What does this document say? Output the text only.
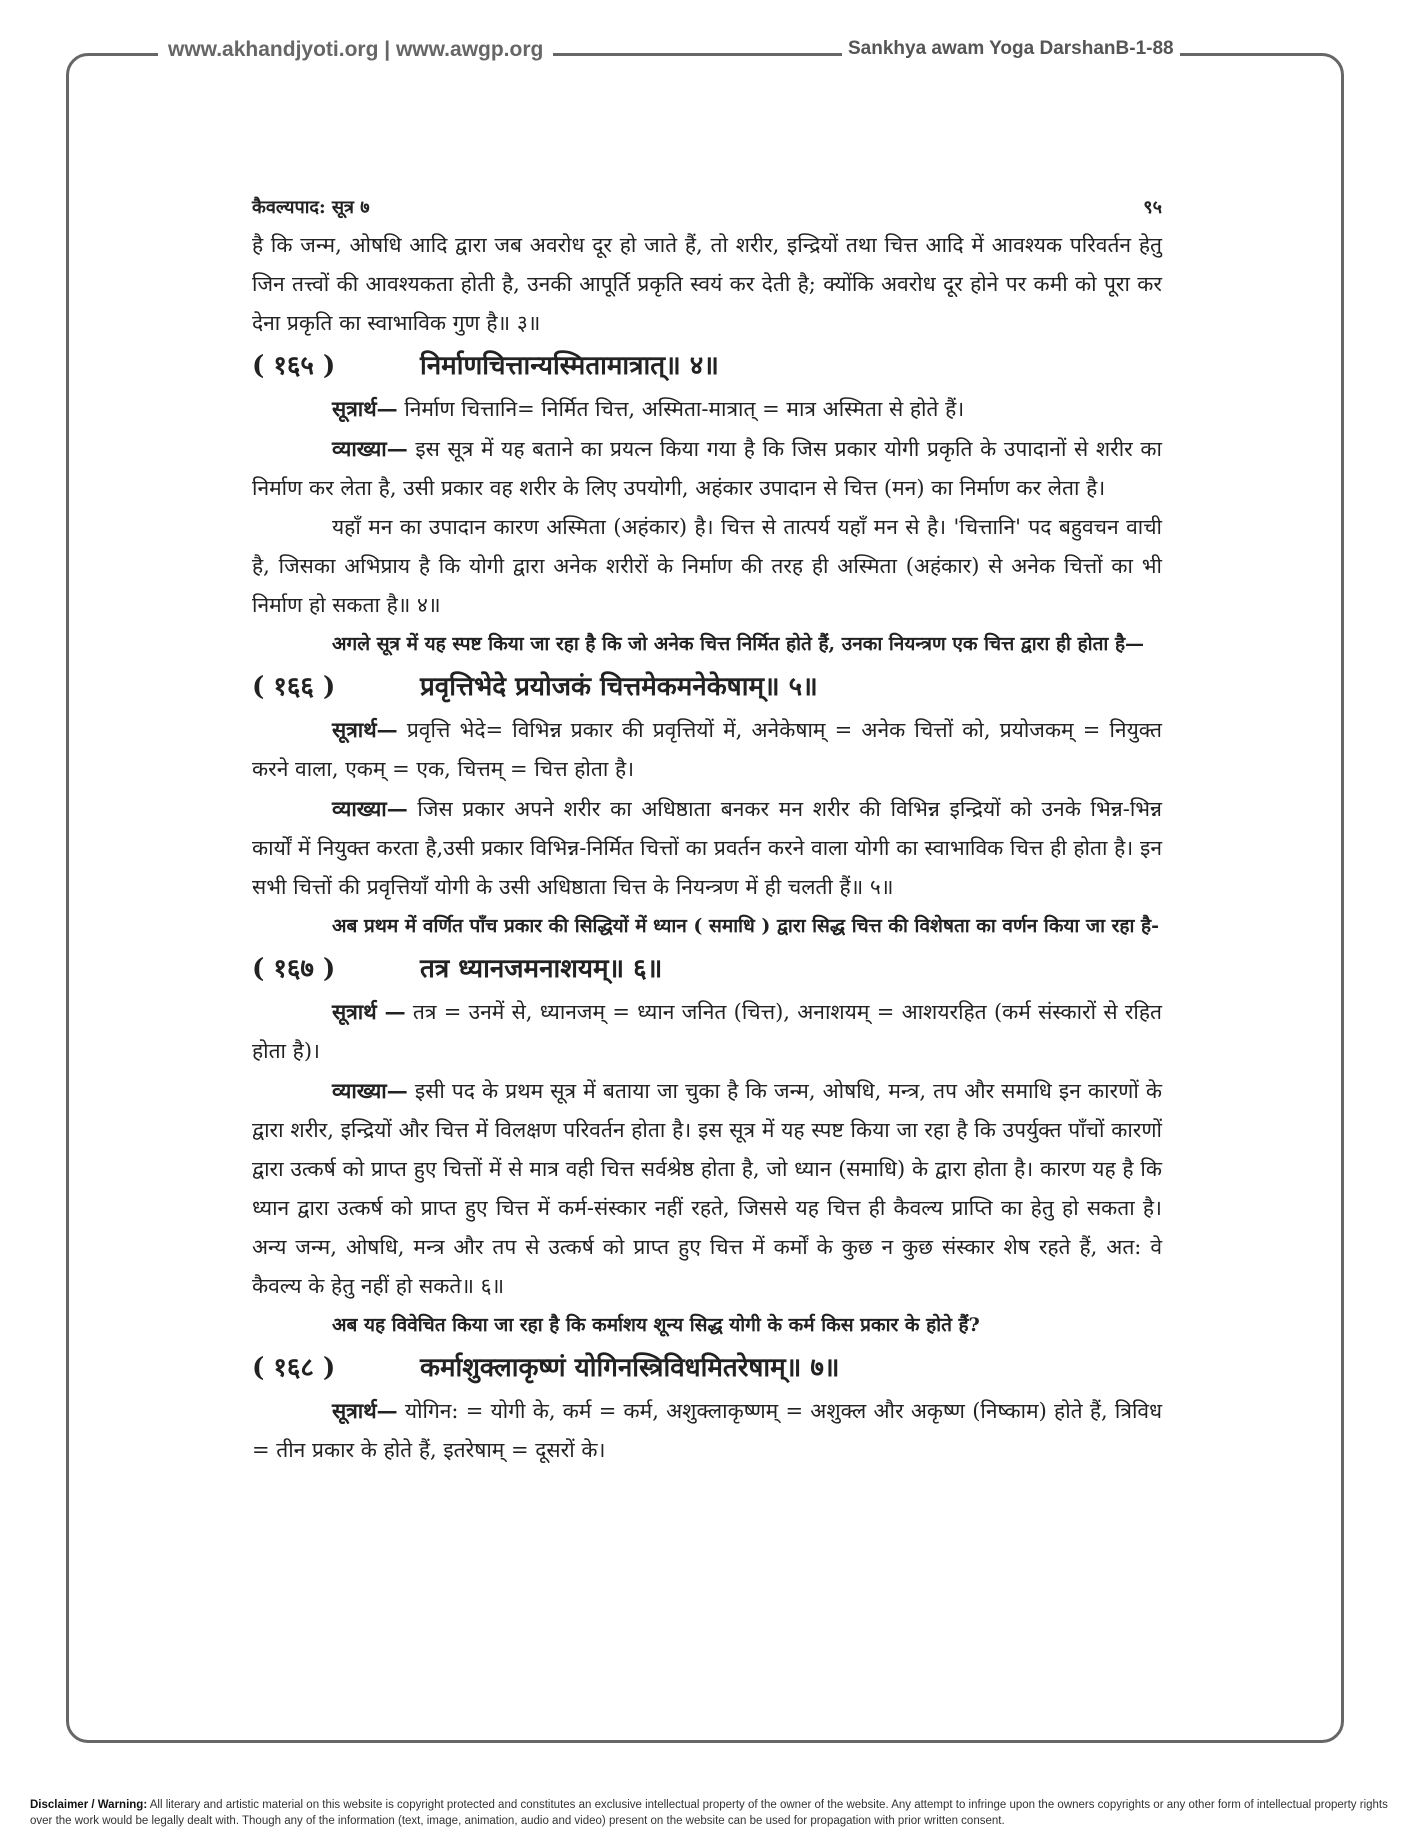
www.akhandjyoti.org | www.awgp.org	Sankhya awam Yoga DarshanB-1-88
कैवल्यपाद: सूत्र ७	९५

है कि जन्म, ओषधि आदि द्वारा जब अवरोध दूर हो जाते हैं, तो शरीर, इन्द्रियों तथा चित्त आदि में आवश्यक परिवर्तन हेतु जिन तत्त्वों की आवश्यकता होती है, उनकी आपूर्ति प्रकृति स्वयं कर देती है; क्योंकि अवरोध दूर होने पर कमी को पूरा कर देना प्रकृति का स्वाभाविक गुण है॥ ३॥

( १६५ )	निर्माणचित्तान्यस्मितामात्रात्॥ ४॥

सूत्रार्थ— निर्माण चित्तानि= निर्मित चित्त, अस्मिता-मात्रात् = मात्र अस्मिता से होते हैं।

व्याख्या— इस सूत्र में यह बताने का प्रयत्न किया गया है कि जिस प्रकार योगी प्रकृति के उपादानों से शरीर का निर्माण कर लेता है, उसी प्रकार वह शरीर के लिए उपयोगी, अहंकार उपादान से चित्त (मन) का निर्माण कर लेता है।

यहाँ मन का उपादान कारण अस्मिता (अहंकार) है। चित्त से तात्पर्य यहाँ मन से है। 'चित्तानि' पद बहुवचन वाची है, जिसका अभिप्राय है कि योगी द्वारा अनेक शरीरों के निर्माण की तरह ही अस्मिता (अहंकार) से अनेक चित्तों का भी निर्माण हो सकता है॥ ४॥

अगले सूत्र में यह स्पष्ट किया जा रहा है कि जो अनेक चित्त निर्मित होते हैं, उनका नियन्त्रण एक चित्त द्वारा ही होता है—

( १६६ )	प्रवृत्तिभेदे प्रयोजकं चित्तमेकमनेकेषाम्॥ ५॥

सूत्रार्थ— प्रवृत्ति भेदे= विभिन्न प्रकार की प्रवृत्तियों में, अनेकेषाम् = अनेक चित्तों को, प्रयोजकम् = नियुक्त करने वाला, एकम् = एक, चित्तम् = चित्त होता है।

व्याख्या— जिस प्रकार अपने शरीर का अधिष्ठाता बनकर मन शरीर की विभिन्न इन्द्रियों को उनके भिन्न-भिन्न कार्यों में नियुक्त करता है,उसी प्रकार विभिन्न-निर्मित चित्तों का प्रवर्तन करने वाला योगी का स्वाभाविक चित्त ही होता है। इन सभी चित्तों की प्रवृत्तियाँ योगी के उसी अधिष्ठाता चित्त के नियन्त्रण में ही चलती हैं॥ ५॥

अब प्रथम में वर्णित पाँच प्रकार की सिद्धियों में ध्यान ( समाधि ) द्वारा सिद्ध चित्त की विशेषता का वर्णन किया जा रहा है-

( १६७ )	तत्र ध्यानजमनाशयम्॥ ६॥

सूत्रार्थ — तत्र = उनमें से, ध्यानजम् = ध्यान जनित (चित्त), अनाशयम् = आशयरहित (कर्म संस्कारों से रहित होता है)।

व्याख्या— इसी पद के प्रथम सूत्र में बताया जा चुका है कि जन्म, ओषधि, मन्त्र, तप और समाधि इन कारणों के द्वारा शरीर, इन्द्रियों और चित्त में विलक्षण परिवर्तन होता है। इस सूत्र में यह स्पष्ट किया जा रहा है कि उपर्युक्त पाँचों कारणों द्वारा उत्कर्ष को प्राप्त हुए चित्तों में से मात्र वही चित्त सर्वश्रेष्ठ होता है, जो ध्यान (समाधि) के द्वारा होता है। कारण यह है कि ध्यान द्वारा उत्कर्ष को प्राप्त हुए चित्त में कर्म-संस्कार नहीं रहते, जिससे यह चित्त ही कैवल्य प्राप्ति का हेतु हो सकता है। अन्य जन्म, ओषधि, मन्त्र और तप से उत्कर्ष को प्राप्त हुए चित्त में कर्मों के कुछ न कुछ संस्कार शेष रहते हैं, अत: वे कैवल्य के हेतु नहीं हो सकते॥ ६॥

अब यह विवेचित किया जा रहा है कि कर्माशय शून्य सिद्ध योगी के कर्म किस प्रकार के होते हैं?

( १६८ )	कर्माशुक्लाकृष्णं योगिनस्त्रिविधमितरेषाम्॥ ७॥

सूत्रार्थ— योगिन: = योगी के, कर्म = कर्म, अशुक्लाकृष्णम् = अशुक्ल और अकृष्ण (निष्काम) होते हैं, त्रिविध = तीन प्रकार के होते हैं, इतरेषाम् = दूसरों के।

Disclaimer / Warning: All literary and artistic material on this website is copyright protected and constitutes an exclusive intellectual property of the owner of the website. Any attempt to infringe upon the owners copyrights or any other form of intellectual property rights over the work would be legally dealt with. Though any of the information (text, image, animation, audio and video) present on the website can be used for propagation with prior written consent.
